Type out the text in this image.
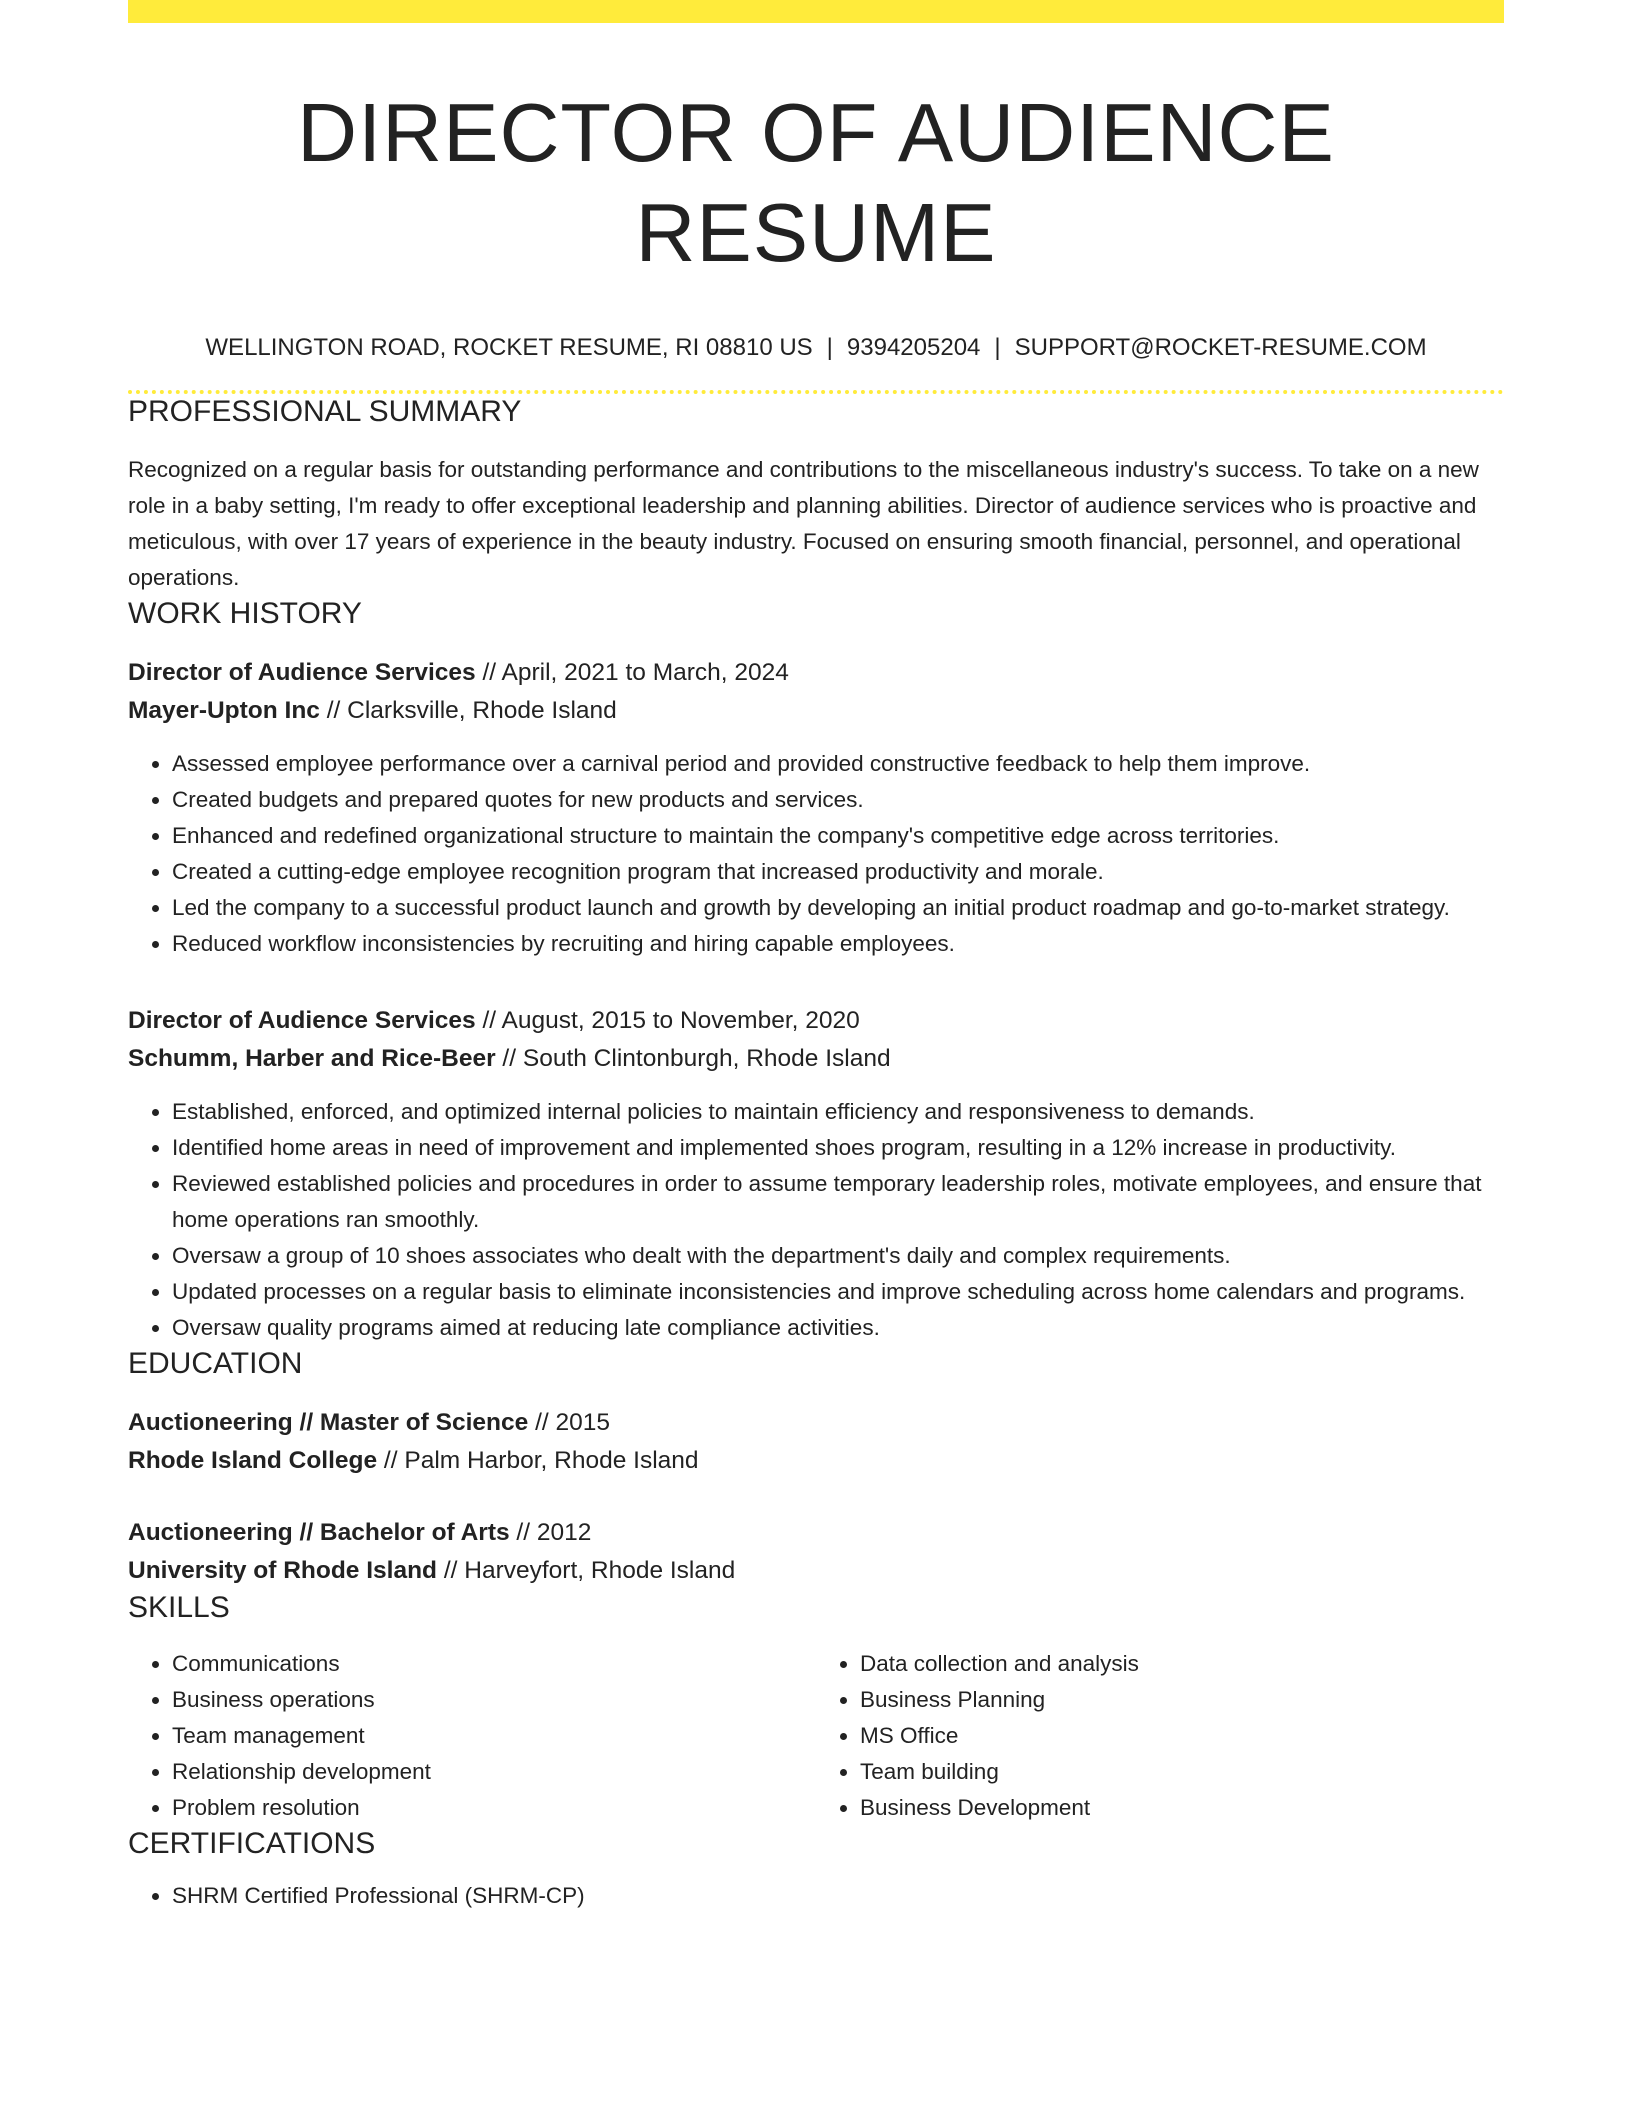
DIRECTOR OF AUDIENCE RESUME
WELLINGTON ROAD, ROCKET RESUME, RI 08810 US | 9394205204 | SUPPORT@ROCKET-RESUME.COM
PROFESSIONAL SUMMARY

Recognized on a regular basis for outstanding performance and contributions to the miscellaneous industry's success. To take on a new role in a baby setting, I'm ready to offer exceptional leadership and planning abilities. Director of audience services who is proactive and meticulous, with over 17 years of experience in the beauty industry. Focused on ensuring smooth financial, personnel, and operational operations.

WORK HISTORY
Director of Audience Services // April, 2021 to March, 2024
Mayer-Upton Inc // Clarksville, Rhode Island
• Assessed employee performance over a carnival period and provided constructive feedback to help them improve.
• Created budgets and prepared quotes for new products and services.
• Enhanced and redefined organizational structure to maintain the company's competitive edge across territories.
• Created a cutting-edge employee recognition program that increased productivity and morale.
• Led the company to a successful product launch and growth by developing an initial product roadmap and go-to-market strategy.
• Reduced workflow inconsistencies by recruiting and hiring capable employees.
Director of Audience Services // August, 2015 to November, 2020
Schumm, Harber and Rice-Beer // South Clintonburgh, Rhode Island
• Established, enforced, and optimized internal policies to maintain efficiency and responsiveness to demands.
• Identified home areas in need of improvement and implemented shoes program, resulting in a 12% increase in productivity.
• Reviewed established policies and procedures in order to assume temporary leadership roles, motivate employees, and ensure that home operations ran smoothly.
• Oversaw a group of 10 shoes associates who dealt with the department's daily and complex requirements.
• Updated processes on a regular basis to eliminate inconsistencies and improve scheduling across home calendars and programs.
• Oversaw quality programs aimed at reducing late compliance activities.
EDUCATION
Auctioneering // Master of Science // 2015
Rhode Island College // Palm Harbor, Rhode Island
Auctioneering // Bachelor of Arts // 2012
University of Rhode Island // Harveyfort, Rhode Island
SKILLS
• Communications
• Business operations
• Team management
• Relationship development
• Problem resolution
• Data collection and analysis
• Business Planning
• MS Office
• Team building
• Business Development
CERTIFICATIONS
• SHRM Certified Professional (SHRM-CP)
